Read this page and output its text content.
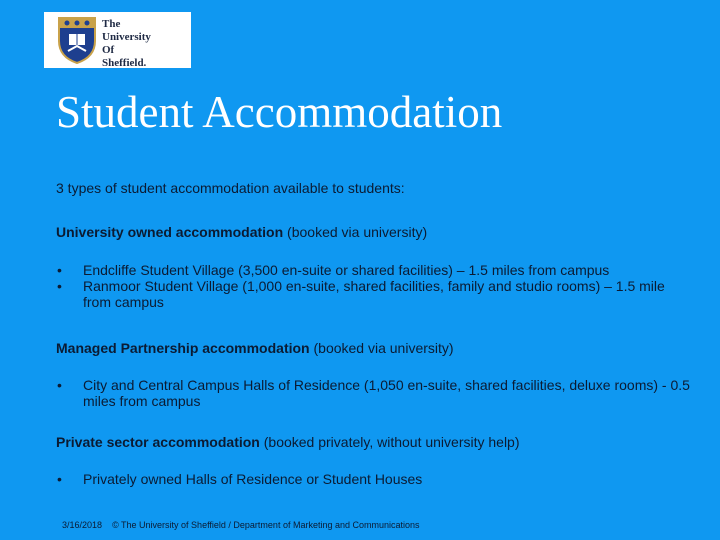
The
University
Of
Sheffield.
Student Accommodation
3 types of student accommodation available to students:
University owned accommodation (booked via university)
• Endcliffe Student Village (3,500 en-suite or shared facilities) – 1.5 miles from campus
• Ranmoor Student Village (1,000 en-suite, shared facilities, family and studio rooms) – 1.5 mile from campus
Managed Partnership accommodation (booked via university)
• City and Central Campus Halls of Residence (1,050 en-suite, shared facilities, deluxe rooms) - 0.5 miles from campus
Private sector accommodation (booked privately, without university help)
• Privately owned Halls of Residence or Student Houses
3/16/2018 © The University of Sheffield / Department of Marketing and Communications
